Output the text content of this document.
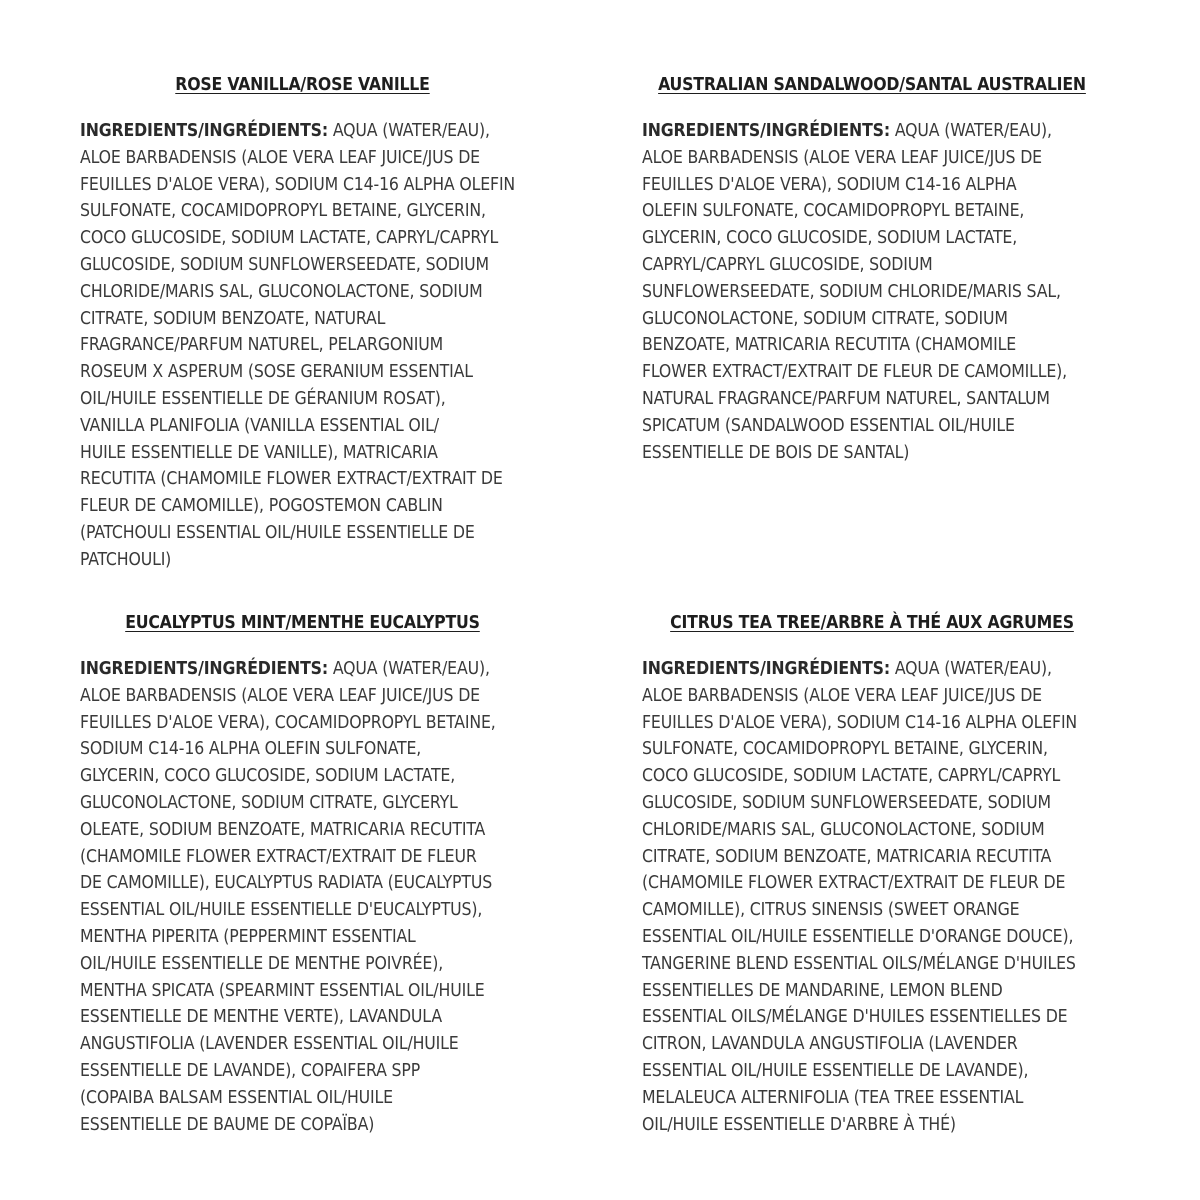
ROSE VANILLA/ROSE VANILLE

INGREDIENTS/INGRÉDIENTS: AQUA (WATER/EAU),
ALOE BARBADENSIS (ALOE VERA LEAF JUICE/JUS DE
FEUILLES D'ALOE VERA), SODIUM C14-16 ALPHA OLEFIN
SULFONATE, COCAMIDOPROPYL BETAINE, GLYCERIN,
COCO GLUCOSIDE, SODIUM LACTATE, CAPRYL/CAPRYL
GLUCOSIDE, SODIUM SUNFLOWERSEEDATE, SODIUM
CHLORIDE/MARIS SAL, GLUCONOLACTONE, SODIUM
CITRATE, SODIUM BENZOATE, NATURAL
FRAGRANCE/PARFUM NATUREL, PELARGONIUM
ROSEUM X ASPERUM (SOSE GERANIUM ESSENTIAL
OIL/HUILE ESSENTIELLE DE GÉRANIUM ROSAT),
VANILLA PLANIFOLIA (VANILLA ESSENTIAL OIL/
HUILE ESSENTIELLE DE VANILLE), MATRICARIA
RECUTITA (CHAMOMILE FLOWER EXTRACT/EXTRAIT DE
FLEUR DE CAMOMILLE), POGOSTEMON CABLIN
(PATCHOULI ESSENTIAL OIL/HUILE ESSENTIELLE DE
PATCHOULI)

AUSTRALIAN SANDALWOOD/SANTAL AUSTRALIEN

INGREDIENTS/INGRÉDIENTS: AQUA (WATER/EAU),
ALOE BARBADENSIS (ALOE VERA LEAF JUICE/JUS DE
FEUILLES D'ALOE VERA), SODIUM C14-16 ALPHA
OLEFIN SULFONATE, COCAMIDOPROPYL BETAINE,
GLYCERIN, COCO GLUCOSIDE, SODIUM LACTATE,
CAPRYL/CAPRYL GLUCOSIDE, SODIUM
SUNFLOWERSEEDATE, SODIUM CHLORIDE/MARIS SAL,
GLUCONOLACTONE, SODIUM CITRATE, SODIUM
BENZOATE, MATRICARIA RECUTITA (CHAMOMILE
FLOWER EXTRACT/EXTRAIT DE FLEUR DE CAMOMILLE),
NATURAL FRAGRANCE/PARFUM NATUREL, SANTALUM
SPICATUM (SANDALWOOD ESSENTIAL OIL/HUILE
ESSENTIELLE DE BOIS DE SANTAL)

EUCALYPTUS MINT/MENTHE EUCALYPTUS

INGREDIENTS/INGRÉDIENTS: AQUA (WATER/EAU),
ALOE BARBADENSIS (ALOE VERA LEAF JUICE/JUS DE
FEUILLES D'ALOE VERA), COCAMIDOPROPYL BETAINE,
SODIUM C14-16 ALPHA OLEFIN SULFONATE,
GLYCERIN, COCO GLUCOSIDE, SODIUM LACTATE,
GLUCONOLACTONE, SODIUM CITRATE, GLYCERYL
OLEATE, SODIUM BENZOATE, MATRICARIA RECUTITA
(CHAMOMILE FLOWER EXTRACT/EXTRAIT DE FLEUR
DE CAMOMILLE), EUCALYPTUS RADIATA (EUCALYPTUS
ESSENTIAL OIL/HUILE ESSENTIELLE D'EUCALYPTUS),
MENTHA PIPERITA (PEPPERMINT ESSENTIAL
OIL/HUILE ESSENTIELLE DE MENTHE POIVRÉE),
MENTHA SPICATA (SPEARMINT ESSENTIAL OIL/HUILE
ESSENTIELLE DE MENTHE VERTE), LAVANDULA
ANGUSTIFOLIA (LAVENDER ESSENTIAL OIL/HUILE
ESSENTIELLE DE LAVANDE), COPAIFERA SPP
(COPAIBA BALSAM ESSENTIAL OIL/HUILE
ESSENTIELLE DE BAUME DE COPAÏBA)

CITRUS TEA TREE/ARBRE À THÉ AUX AGRUMES

INGREDIENTS/INGRÉDIENTS: AQUA (WATER/EAU),
ALOE BARBADENSIS (ALOE VERA LEAF JUICE/JUS DE
FEUILLES D'ALOE VERA), SODIUM C14-16 ALPHA OLEFIN
SULFONATE, COCAMIDOPROPYL BETAINE, GLYCERIN,
COCO GLUCOSIDE, SODIUM LACTATE, CAPRYL/CAPRYL
GLUCOSIDE, SODIUM SUNFLOWERSEEDATE, SODIUM
CHLORIDE/MARIS SAL, GLUCONOLACTONE, SODIUM
CITRATE, SODIUM BENZOATE, MATRICARIA RECUTITA
(CHAMOMILE FLOWER EXTRACT/EXTRAIT DE FLEUR DE
CAMOMILLE), CITRUS SINENSIS (SWEET ORANGE
ESSENTIAL OIL/HUILE ESSENTIELLE D'ORANGE DOUCE),
TANGERINE BLEND ESSENTIAL OILS/MÉLANGE D'HUILES
ESSENTIELLES DE MANDARINE, LEMON BLEND
ESSENTIAL OILS/MÉLANGE D'HUILES ESSENTIELLES DE
CITRON, LAVANDULA ANGUSTIFOLIA (LAVENDER
ESSENTIAL OIL/HUILE ESSENTIELLE DE LAVANDE),
MELALEUCA ALTERNIFOLIA (TEA TREE ESSENTIAL
OIL/HUILE ESSENTIELLE D'ARBRE À THÉ)
